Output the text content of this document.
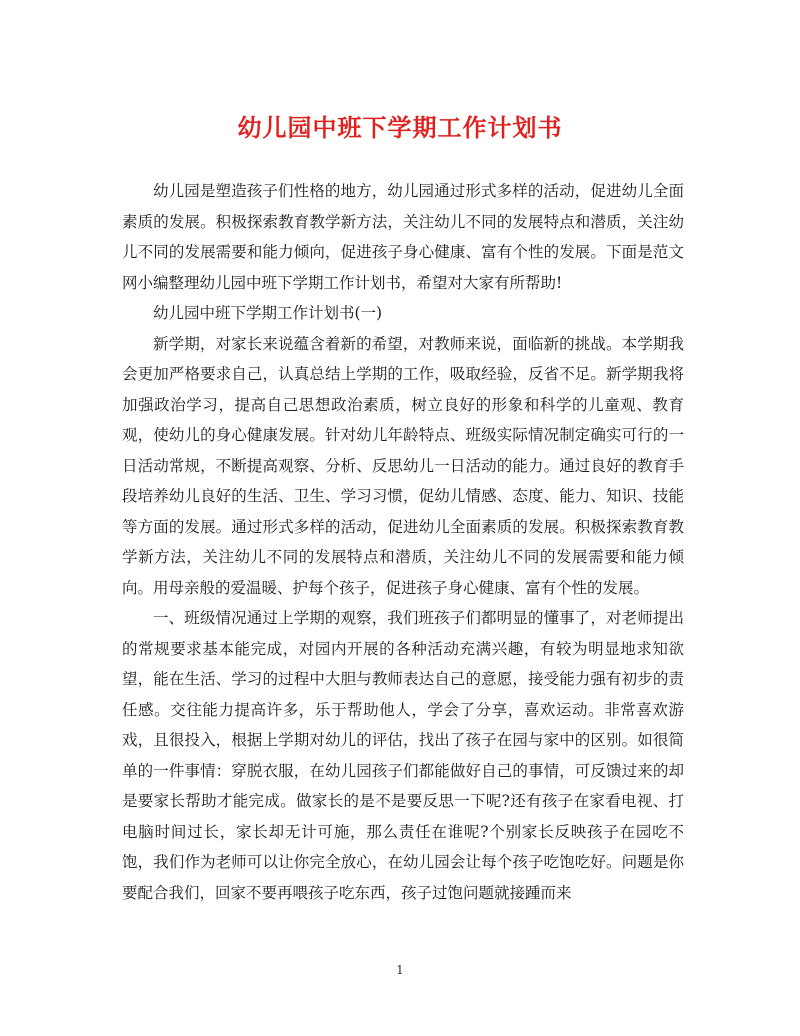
幼儿园中班下学期工作计划书

幼儿园是塑造孩子们性格的地方，幼儿园通过形式多样的活动，促进幼儿全面素质的发展。积极探索教育教学新方法，关注幼儿不同的发展特点和潜质，关注幼儿不同的发展需要和能力倾向，促进孩子身心健康、富有个性的发展。下面是范文网小编整理幼儿园中班下学期工作计划书，希望对大家有所帮助!

幼儿园中班下学期工作计划书(一)

新学期，对家长来说蕴含着新的希望，对教师来说，面临新的挑战。本学期我会更加严格要求自己，认真总结上学期的工作，吸取经验，反省不足。新学期我将加强政治学习，提高自己思想政治素质，树立良好的形象和科学的儿童观、教育观，使幼儿的身心健康发展。针对幼儿年龄特点、班级实际情况制定确实可行的一日活动常规，不断提高观察、分析、反思幼儿一日活动的能力。通过良好的教育手段培养幼儿良好的生活、卫生、学习习惯，促幼儿情感、态度、能力、知识、技能等方面的发展。通过形式多样的活动，促进幼儿全面素质的发展。积极探索教育教学新方法，关注幼儿不同的发展特点和潜质，关注幼儿不同的发展需要和能力倾向。用母亲般的爱温暖、护每个孩子，促进孩子身心健康、富有个性的发展。

一、班级情况通过上学期的观察，我们班孩子们都明显的懂事了，对老师提出的常规要求基本能完成，对园内开展的各种活动充满兴趣，有较为明显地求知欲望，能在生活、学习的过程中大胆与教师表达自己的意愿，接受能力强有初步的责任感。交往能力提高许多，乐于帮助他人，学会了分享，喜欢运动。非常喜欢游戏，且很投入，根据上学期对幼儿的评估，找出了孩子在园与家中的区别。如很简单的一件事情：穿脱衣服，在幼儿园孩子们都能做好自己的事情，可反馈过来的却是要家长帮助才能完成。做家长的是不是要反思一下呢?还有孩子在家看电视、打电脑时间过长，家长却无计可施，那么责任在谁呢?个别家长反映孩子在园吃不饱，我们作为老师可以让你完全放心，在幼儿园会让每个孩子吃饱吃好。问题是你要配合我们，回家不要再喂孩子吃东西，孩子过饱问题就接踵而来

1
